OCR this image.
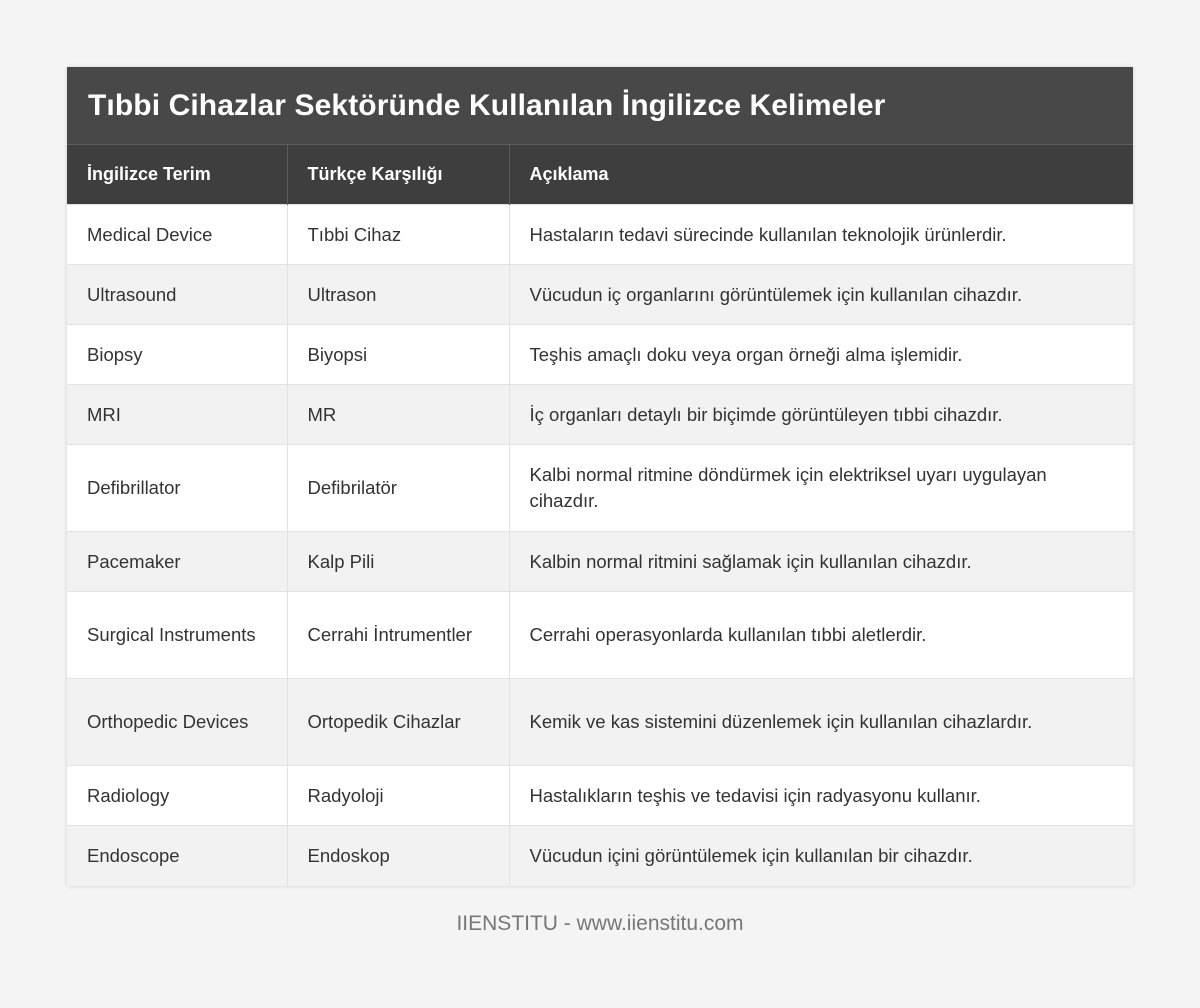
Tıbbi Cihazlar Sektöründe Kullanılan İngilizce Kelimeler
İngilizce Terim	Türkçe Karşılığı	Açıklama
Medical Device	Tıbbi Cihaz	Hastaların tedavi sürecinde kullanılan teknolojik ürünlerdir.
Ultrasound	Ultrason	Vücudun iç organlarını görüntülemek için kullanılan cihazdır.
Biopsy	Biyopsi	Teşhis amaçlı doku veya organ örneği alma işlemidir.
MRI	MR	İç organları detaylı bir biçimde görüntüleyen tıbbi cihazdır.
Defibrillator	Defibrilatör	Kalbi normal ritmine döndürmek için elektriksel uyarı uygulayan cihazdır.
Pacemaker	Kalp Pili	Kalbin normal ritmini sağlamak için kullanılan cihazdır.
Surgical Instruments	Cerrahi İntrumentler	Cerrahi operasyonlarda kullanılan tıbbi aletlerdir.
Orthopedic Devices	Ortopedik Cihazlar	Kemik ve kas sistemini düzenlemek için kullanılan cihazlardır.
Radiology	Radyoloji	Hastalıkların teşhis ve tedavisi için radyasyonu kullanır.
Endoscope	Endoskop	Vücudun içini görüntülemek için kullanılan bir cihazdır.
IIENSTITU - www.iienstitu.com
